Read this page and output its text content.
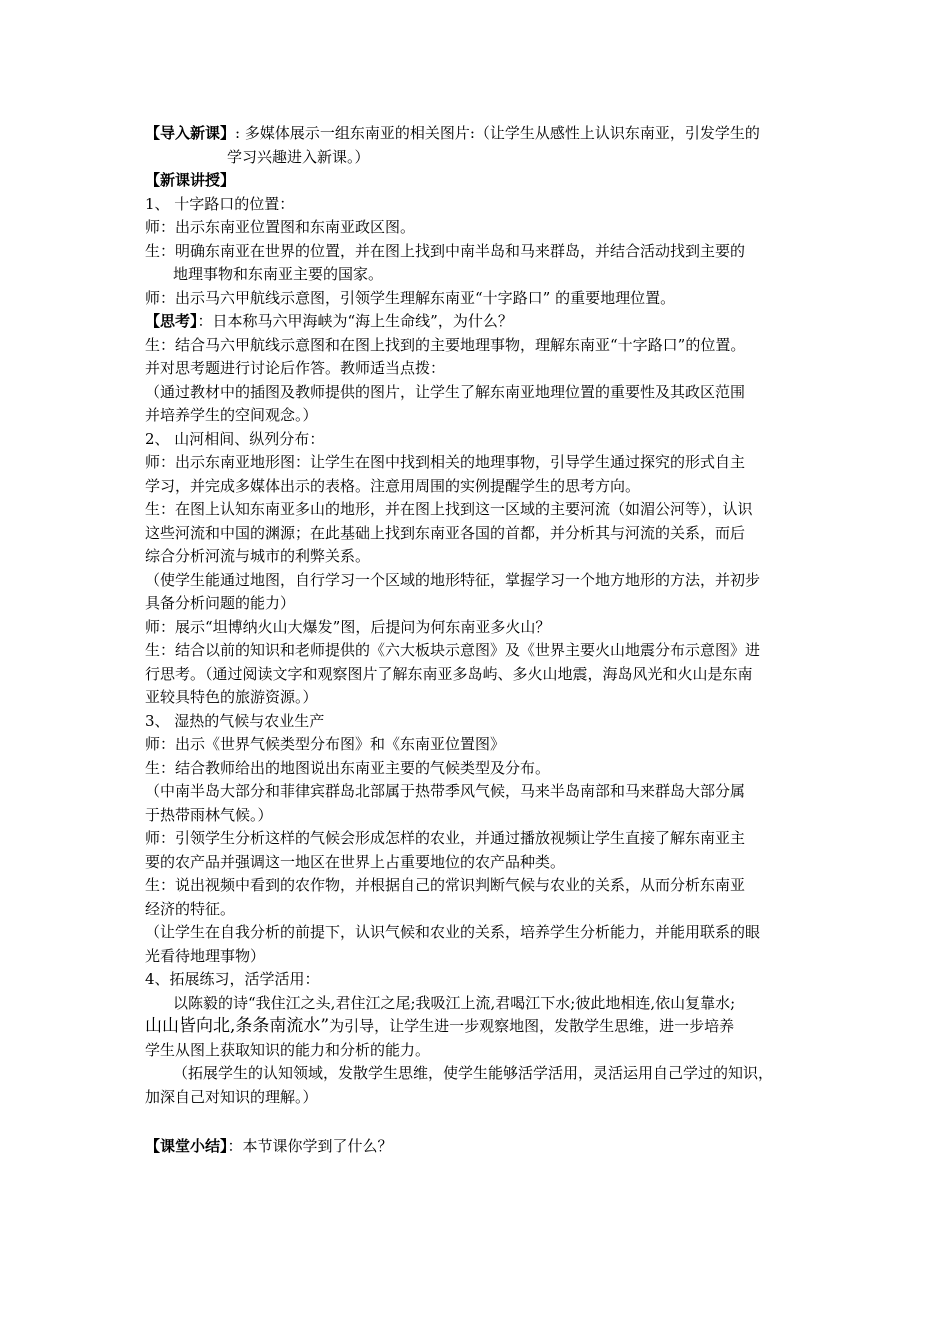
【导入新课】: 多媒体展示一组东南亚的相关图片:（让学生从感性上认识东南亚，引发学生的

学习兴趣进入新课。）

【新课讲授】

1、 十字路口的位置：

师：出示东南亚位置图和东南亚政区图。

生：明确东南亚在世界的位置，并在图上找到中南半岛和马来群岛，并结合活动找到主要的

地理事物和东南亚主要的国家。

师：出示马六甲航线示意图，引领学生理解东南亚“十字路口” 的重要地理位置。

【思考】：日本称马六甲海峡为“海上生命线”，为什么？

生：结合马六甲航线示意图和在图上找到的主要地理事物，理解东南亚“十字路口”的位置。

并对思考题进行讨论后作答。教师适当点拨：

（通过教材中的插图及教师提供的图片，让学生了解东南亚地理位置的重要性及其政区范围

并培养学生的空间观念。）

2、 山河相间、纵列分布：

师：出示东南亚地形图：让学生在图中找到相关的地理事物，引导学生通过探究的形式自主

学习，并完成多媒体出示的表格。注意用周围的实例提醒学生的思考方向。

生：在图上认知东南亚多山的地形，并在图上找到这一区域的主要河流（如湄公河等），认识

这些河流和中国的渊源；在此基础上找到东南亚各国的首都，并分析其与河流的关系，而后

综合分析河流与城市的利弊关系。

（使学生能通过地图，自行学习一个区域的地形特征，掌握学习一个地方地形的方法，并初步

具备分析问题的能力）

师：展示“坦博纳火山大爆发”图，后提问为何东南亚多火山？

生：结合以前的知识和老师提供的《六大板块示意图》及《世界主要火山地震分布示意图》进

行思考。（通过阅读文字和观察图片了解东南亚多岛屿、多火山地震，海岛风光和火山是东南

亚较具特色的旅游资源。）

3、 湿热的气候与农业生产

师：出示《世界气候类型分布图》和《东南亚位置图》

生：结合教师给出的地图说出东南亚主要的气候类型及分布。

（中南半岛大部分和菲律宾群岛北部属于热带季风气候，马来半岛南部和马来群岛大部分属

于热带雨林气候。）

师：引领学生分析这样的气候会形成怎样的农业，并通过播放视频让学生直接了解东南亚主

要的农产品并强调这一地区在世界上占重要地位的农产品种类。

生：说出视频中看到的农作物，并根据自己的常识判断气候与农业的关系，从而分析东南亚

经济的特征。

（让学生在自我分析的前提下，认识气候和农业的关系，培养学生分析能力，并能用联系的眼

光看待地理事物）

4、拓展练习，活学活用：

以陈毅的诗“我住江之头,君住江之尾;我吸江上流,君喝江下水;彼此地相连,依山复靠水;

山山皆向北,条条南流水”为引导，让学生进一步观察地图，发散学生思维，进一步培养

学生从图上获取知识的能力和分析的能力。

（拓展学生的认知领域，发散学生思维，使学生能够活学活用，灵活运用自己学过的知识，

加深自己对知识的理解。）

【课堂小结】：本节课你学到了什么？
